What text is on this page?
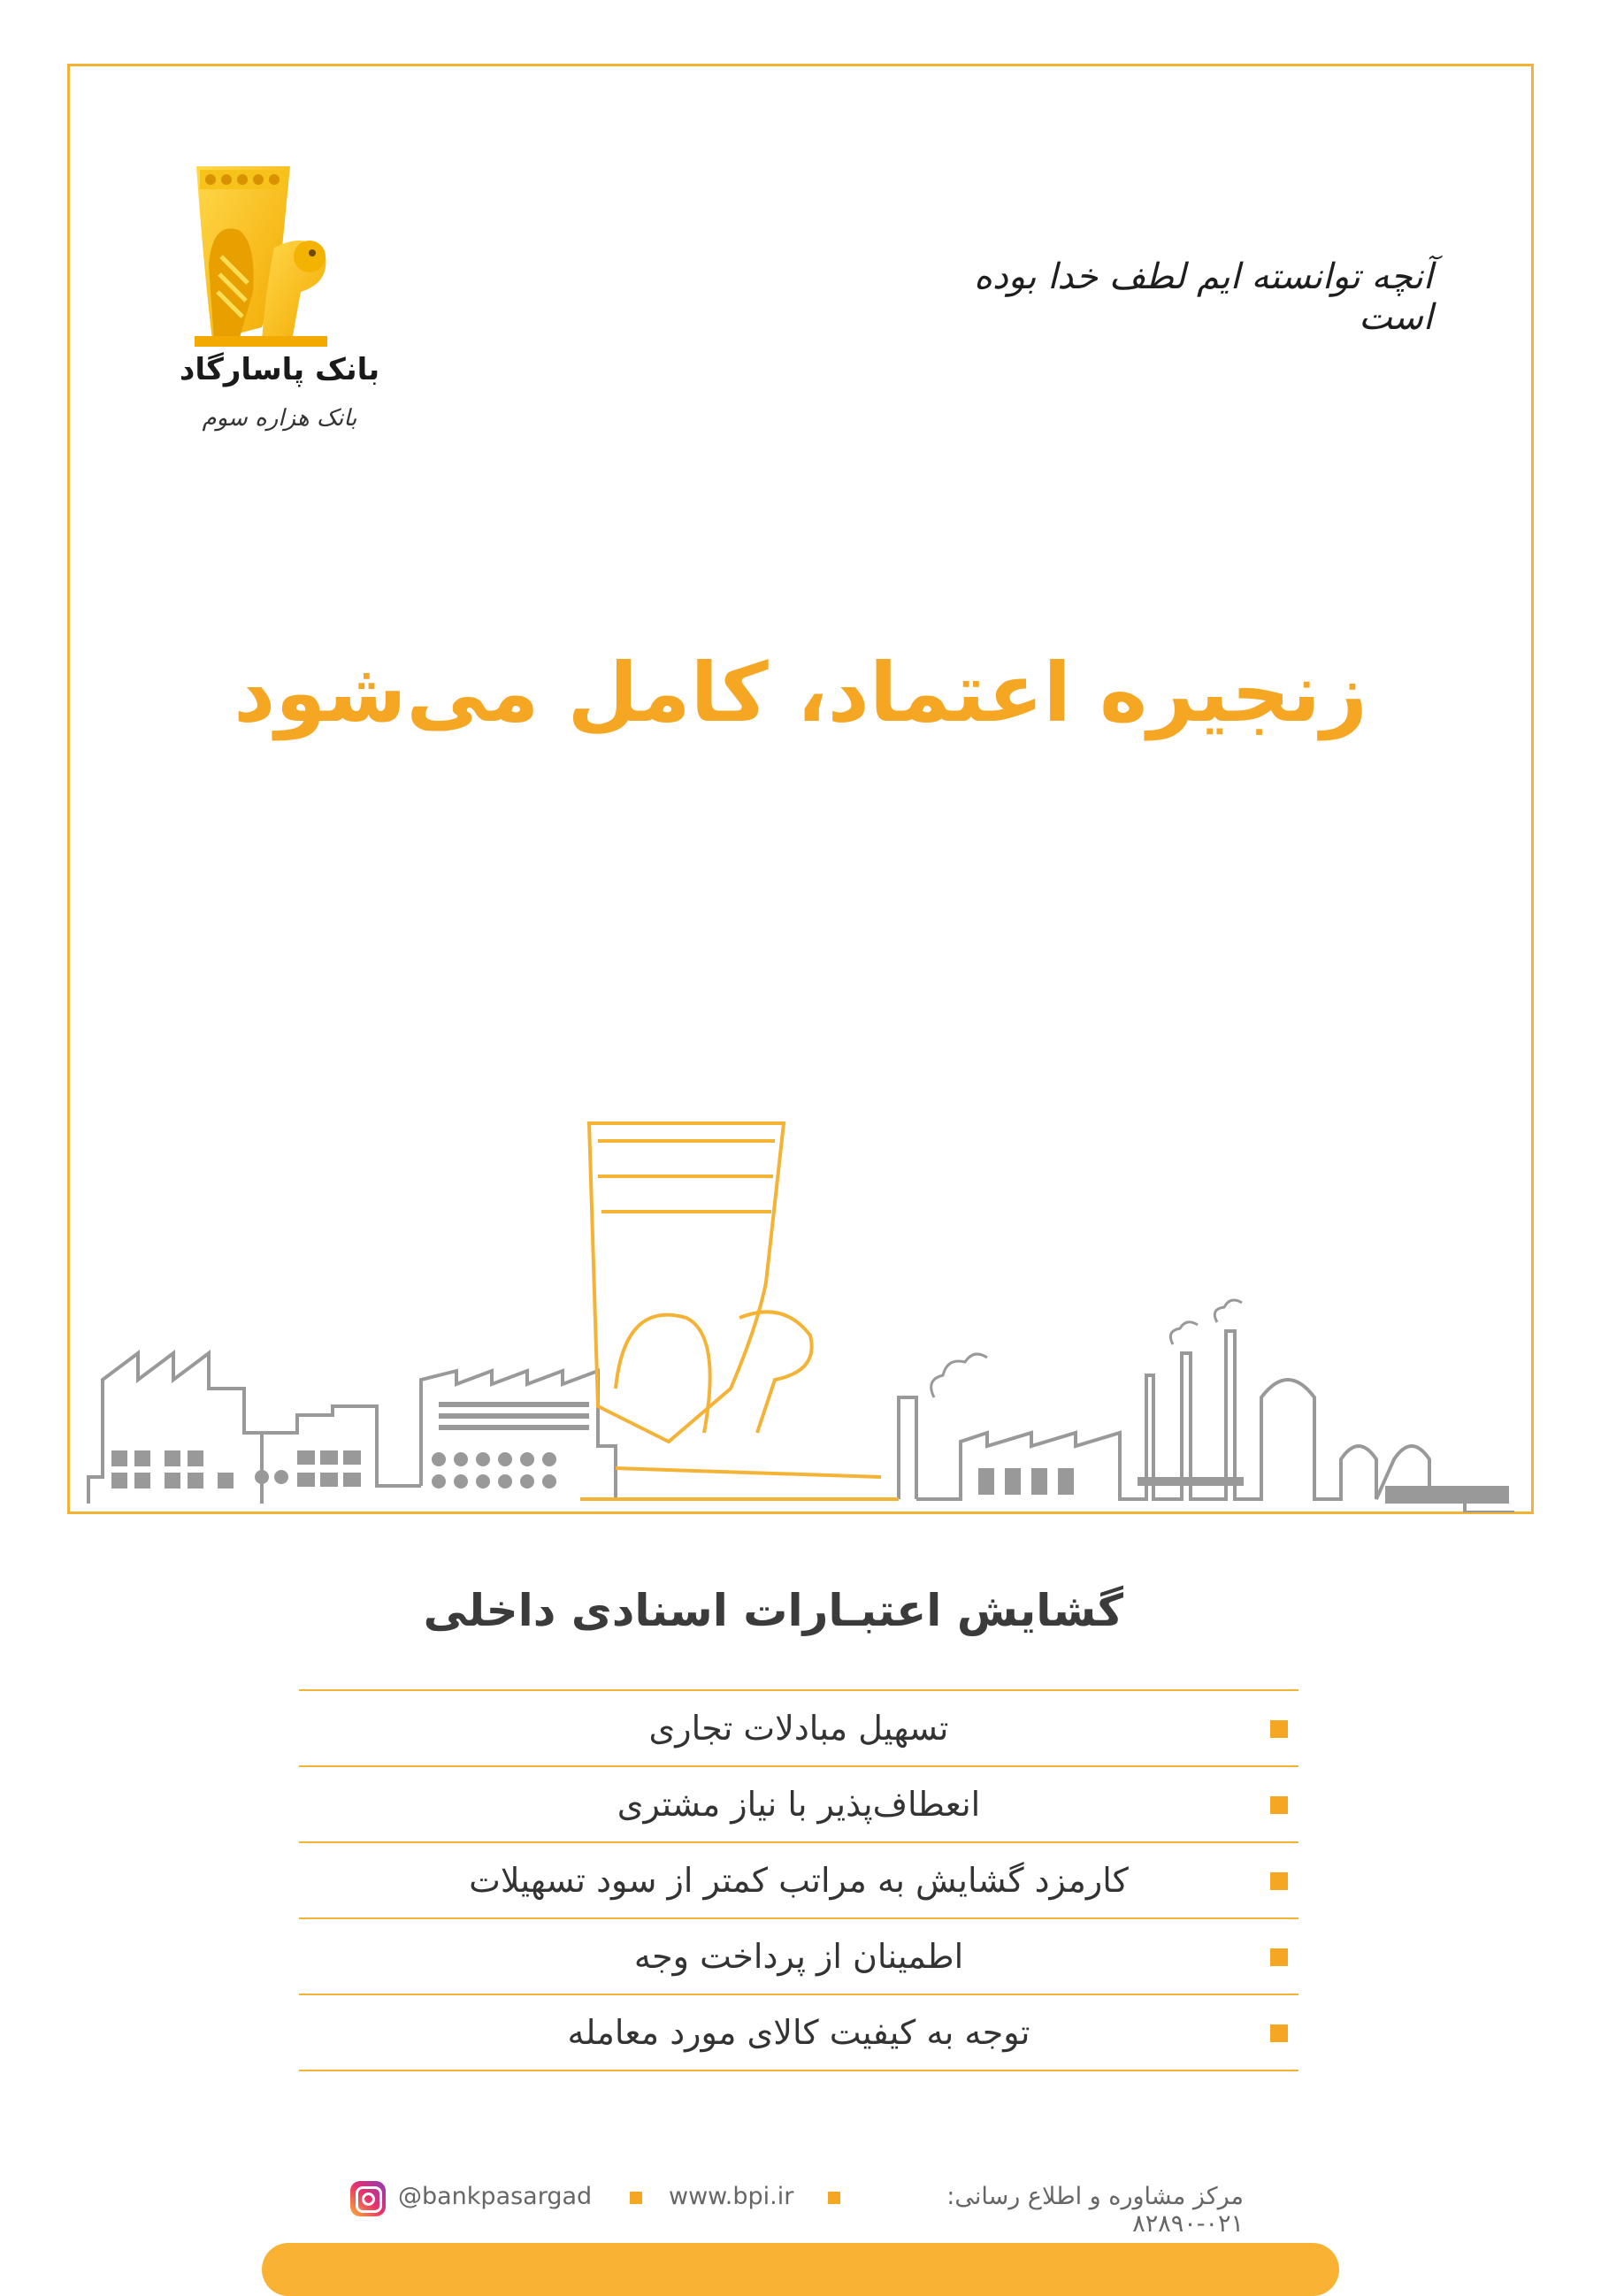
بانک پاسارگاد
بانک هزاره سوم
آنچه توانسته ایم لطف خدا بوده است
زنجیره اعتماد، کامل می‌شود
گشایش اعتبـارات اسنادی داخلی
تسهیل مبادلات تجاری
انعطاف‌پذیر با نیاز مشتری
کارمزد گشایش به مراتب کمتر از سود تسهیلات
اطمینان از پرداخت وجه
توجه به کیفیت کالای مورد معامله
@bankpasargad	www.bpi.ir	مرکز مشاوره و اطلاع رسانی: ۰۲۱-۸۲۸۹۰
